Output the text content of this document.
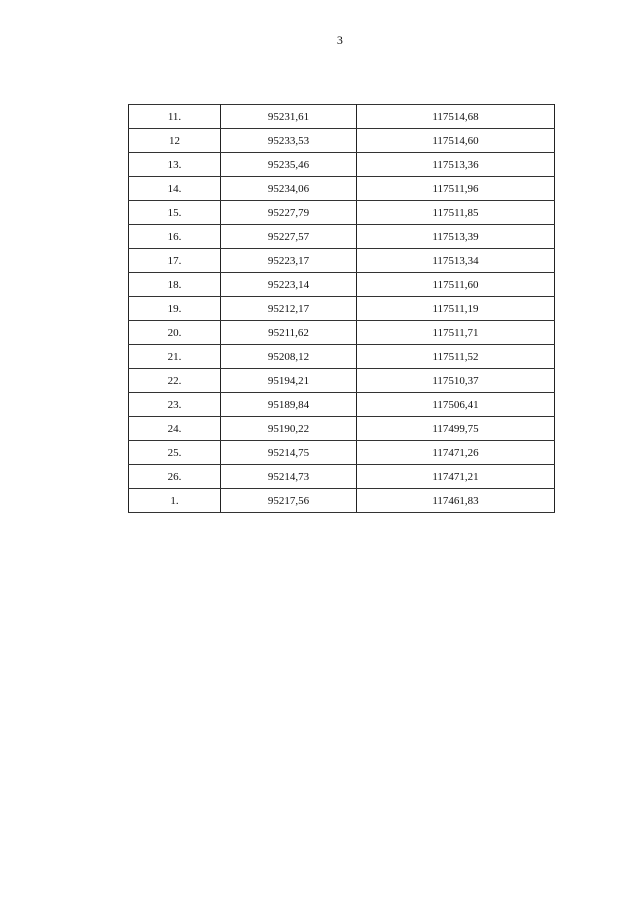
3
11.	95231,61	117514,68
12	95233,53	117514,60
13.	95235,46	117513,36
14.	95234,06	117511,96
15.	95227,79	117511,85
16.	95227,57	117513,39
17.	95223,17	117513,34
18.	95223,14	117511,60
19.	95212,17	117511,19
20.	95211,62	117511,71
21.	95208,12	117511,52
22.	95194,21	117510,37
23.	95189,84	117506,41
24.	95190,22	117499,75
25.	95214,75	117471,26
26.	95214,73	117471,21
1.	95217,56	117461,83
